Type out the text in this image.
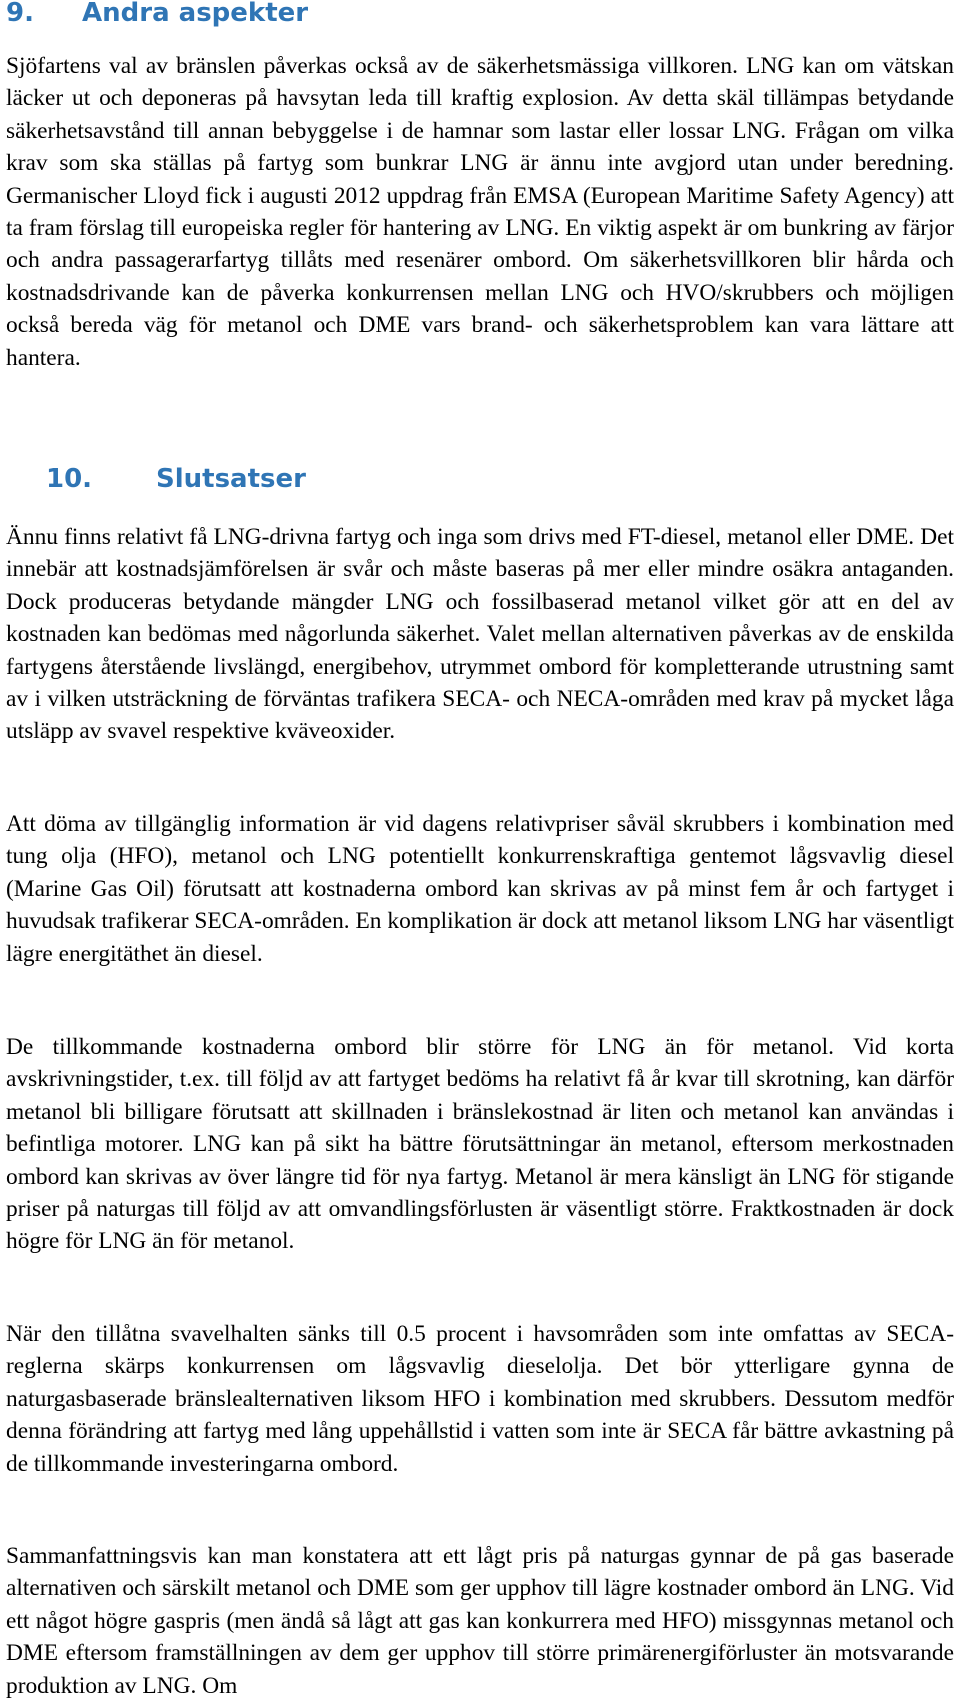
9. Andra aspekter

Sjöfartens val av bränslen påverkas också av de säkerhetsmässiga villkoren. LNG kan om vätskan läcker ut och deponeras på havsytan leda till kraftig explosion. Av detta skäl tillämpas betydande säkerhetsavstånd till annan bebyggelse i de hamnar som lastar eller lossar LNG. Frågan om vilka krav som ska ställas på fartyg som bunkrar LNG är ännu inte avgjord utan under beredning. Germanischer Lloyd fick i augusti 2012 uppdrag från EMSA (European Maritime Safety Agency) att ta fram förslag till europeiska regler för hantering av LNG. En viktig aspekt är om bunkring av färjor och andra passagerarfartyg tillåts med resenärer ombord. Om säkerhetsvillkoren blir hårda och kostnadsdrivande kan de påverka konkurrensen mellan LNG och HVO/skrubbers och möjligen också bereda väg för metanol och DME vars brand- och säkerhetsproblem kan vara lättare att hantera.

10. Slutsatser

Ännu finns relativt få LNG-drivna fartyg och inga som drivs med FT-diesel, metanol eller DME. Det innebär att kostnadsjämförelsen är svår och måste baseras på mer eller mindre osäkra antaganden. Dock produceras betydande mängder LNG och fossilbaserad metanol vilket gör att en del av kostnaden kan bedömas med någorlunda säkerhet. Valet mellan alternativen påverkas av de enskilda fartygens återstående livslängd, energibehov, utrymmet ombord för kompletterande utrustning samt av i vilken utsträckning de förväntas trafikera SECA- och NECA-områden med krav på mycket låga utsläpp av svavel respektive kväveoxider.

Att döma av tillgänglig information är vid dagens relativpriser såväl skrubbers i kombination med tung olja (HFO), metanol och LNG potentiellt konkurrenskraftiga gentemot lågsvavlig diesel (Marine Gas Oil) förutsatt att kostnaderna ombord kan skrivas av på minst fem år och fartyget i huvudsak trafikerar SECA-områden. En komplikation är dock att metanol liksom LNG har väsentligt lägre energitäthet än diesel.

De tillkommande kostnaderna ombord blir större för LNG än för metanol. Vid korta avskrivningstider, t.ex. till följd av att fartyget bedöms ha relativt få år kvar till skrotning, kan därför metanol bli billigare förutsatt att skillnaden i bränslekostnad är liten och metanol kan användas i befintliga motorer. LNG kan på sikt ha bättre förutsättningar än metanol, eftersom merkostnaden ombord kan skrivas av över längre tid för nya fartyg. Metanol är mera känsligt än LNG för stigande priser på naturgas till följd av att omvandlingsförlusten är väsentligt större. Fraktkostnaden är dock högre för LNG än för metanol.

När den tillåtna svavelhalten sänks till 0.5 procent i havsområden som inte omfattas av SECA-reglerna skärps konkurrensen om lågsvavlig dieselolja. Det bör ytterligare gynna de naturgasbaserade bränslealternativen liksom HFO i kombination med skrubbers. Dessutom medför denna förändring att fartyg med lång uppehållstid i vatten som inte är SECA får bättre avkastning på de tillkommande investeringarna ombord.

Sammanfattningsvis kan man konstatera att ett lågt pris på naturgas gynnar de på gas baserade alternativen och särskilt metanol och DME som ger upphov till lägre kostnader ombord än LNG. Vid ett något högre gaspris (men ändå så lågt att gas kan konkurrera med HFO) missgynnas metanol och DME eftersom framställningen av dem ger upphov till större primärenergiförluster än motsvarande produktion av LNG. Om
